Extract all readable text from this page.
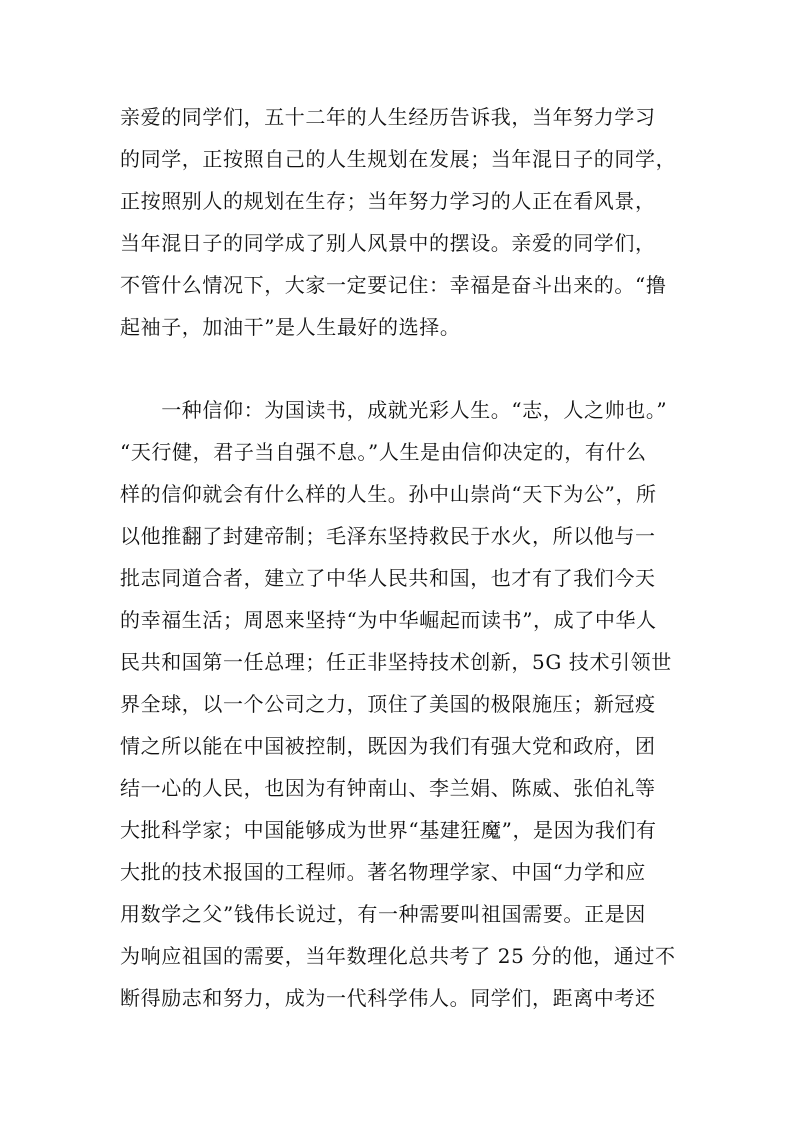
亲爱的同学们，五十二年的人生经历告诉我，当年努力学习
的同学，正按照自己的人生规划在发展；当年混日子的同学，
正按照别人的规划在生存；当年努力学习的人正在看风景，
当年混日子的同学成了别人风景中的摆设。亲爱的同学们，
不管什么情况下，大家一定要记住：幸福是奋斗出来的。“撸
起袖子，加油干”是人生最好的选择。

　　一种信仰：为国读书，成就光彩人生。“志，人之帅也。”
“天行健，君子当自强不息。”人生是由信仰决定的，有什么
样的信仰就会有什么样的人生。孙中山崇尚“天下为公”，所
以他推翻了封建帝制；毛泽东坚持救民于水火，所以他与一
批志同道合者，建立了中华人民共和国，也才有了我们今天
的幸福生活；周恩来坚持“为中华崛起而读书”，成了中华人
民共和国第一任总理；任正非坚持技术创新，5G 技术引领世
界全球，以一个公司之力，顶住了美国的极限施压；新冠疫
情之所以能在中国被控制，既因为我们有强大党和政府，团
结一心的人民，也因为有钟南山、李兰娟、陈威、张伯礼等
大批科学家；中国能够成为世界“基建狂魔”，是因为我们有
大批的技术报国的工程师。著名物理学家、中国“力学和应
用数学之父”钱伟长说过，有一种需要叫祖国需要。正是因
为响应祖国的需要，当年数理化总共考了 25 分的他，通过不
断得励志和努力，成为一代科学伟人。同学们，距离中考还
